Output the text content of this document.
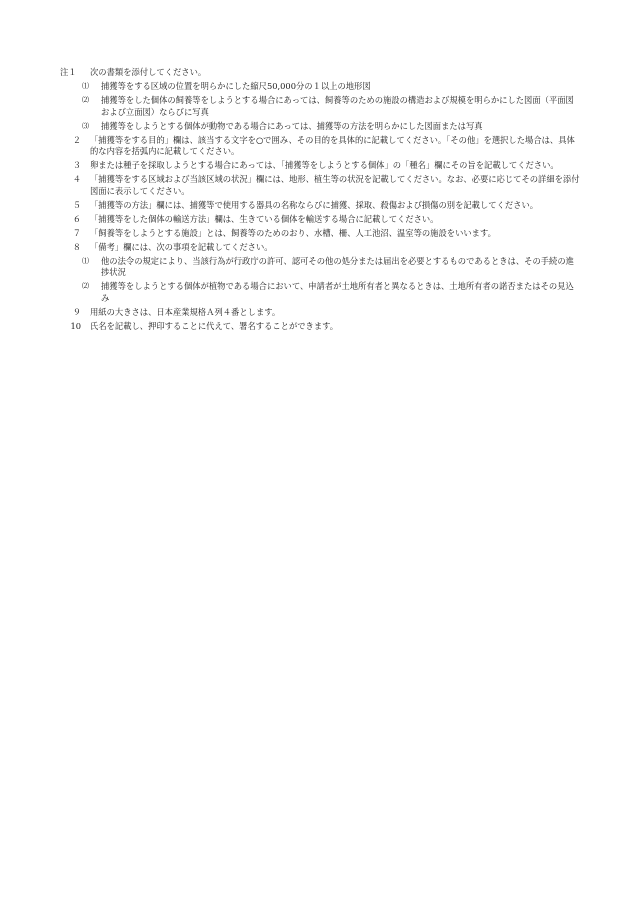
注１	次の書類を添付してください。
⑴	捕獲等をする区域の位置を明らかにした縮尺50,000分の１以上の地形図
⑵	捕獲等をした個体の飼養等をしようとする場合にあっては、飼養等のための施設の構造および規模を明らかにした図面（平面図および立面図）ならびに写真
⑶	捕獲等をしようとする個体が動物である場合にあっては、捕獲等の方法を明らかにした図面または写真
２	「捕獲等をする目的」欄は、該当する文字を○で囲み、その目的を具体的に記載してください。「その他」を選択した場合は、具体的な内容を括弧内に記載してください。
３	卵または種子を採取しようとする場合にあっては、「捕獲等をしようとする個体」の「種名」欄にその旨を記載してください。
４	「捕獲等をする区域および当該区域の状況」欄には、地形、植生等の状況を記載してください。なお、必要に応じてその詳細を添付図面に表示してください。
５	「捕獲等の方法」欄には、捕獲等で使用する器具の名称ならびに捕獲、採取、殺傷および損傷の別を記載してください。
６	「捕獲等をした個体の輸送方法」欄は、生きている個体を輸送する場合に記載してください。
７	「飼養等をしようとする施設」とは、飼養等のためのおり、水槽、柵、人工池沼、温室等の施設をいいます。
８	「備考」欄には、次の事項を記載してください。
⑴	他の法令の規定により、当該行為が行政庁の許可、認可その他の処分または届出を必要とするものであるときは、その手続の進捗状況
⑵	捕獲等をしようとする個体が植物である場合において、申請者が土地所有者と異なるときは、土地所有者の諾否またはその見込み
９	用紙の大きさは、日本産業規格Ａ列４番とします。
10	氏名を記載し、押印することに代えて、署名することができます。
